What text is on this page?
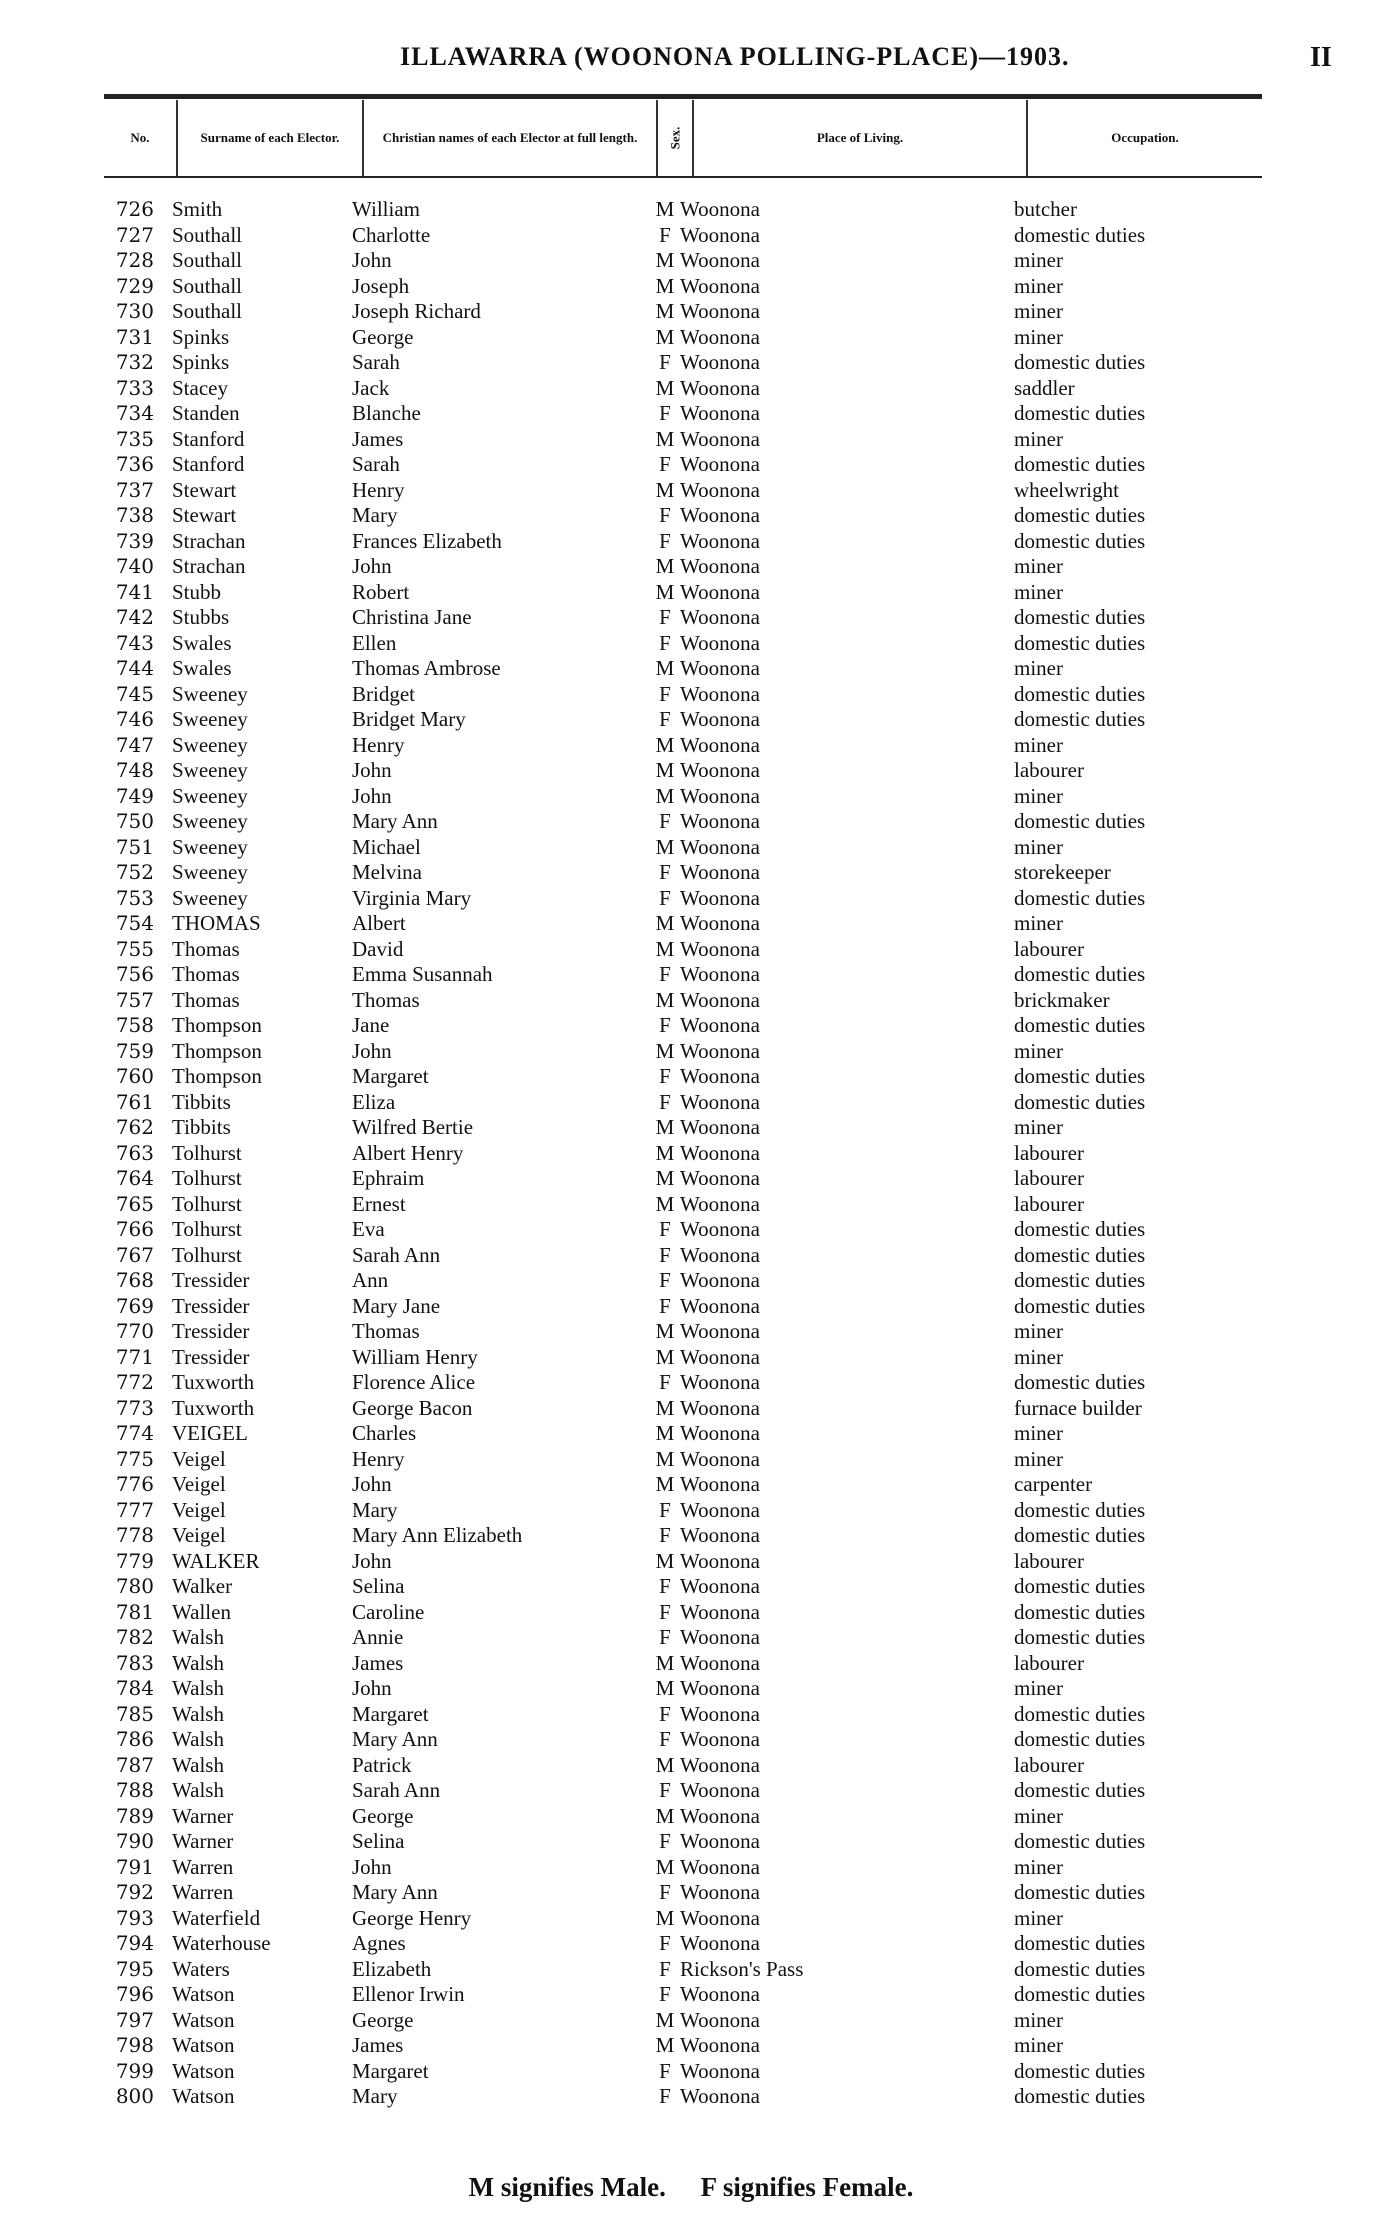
ILLAWARRA (WOONONA POLLING-PLACE)—1903.	II
No.	Surname of each Elector.	Christian names of each Elector at full length.	Sex.	Place of Living.	Occupation.
726 Smith	William	M Woonona	butcher
727 Southall	Charlotte	F Woonona	domestic duties
728 Southall	John	M Woonona	miner
729 Southall	Joseph	M Woonona	miner
730 Southall	Joseph Richard	M Woonona	miner
731 Spinks	George	M Woonona	miner
732 Spinks	Sarah	F Woonona	domestic duties
733 Stacey	Jack	M Woonona	saddler
734 Standen	Blanche	F Woonona	domestic duties
735 Stanford	James	M Woonona	miner
736 Stanford	Sarah	F Woonona	domestic duties
737 Stewart	Henry	M Woonona	wheelwright
738 Stewart	Mary	F Woonona	domestic duties
739 Strachan	Frances Elizabeth	F Woonona	domestic duties
740 Strachan	John	M Woonona	miner
741 Stubb	Robert	M Woonona	miner
742 Stubbs	Christina Jane	F Woonona	domestic duties
743 Swales	Ellen	F Woonona	domestic duties
744 Swales	Thomas Ambrose	M Woonona	miner
745 Sweeney	Bridget	F Woonona	domestic duties
746 Sweeney	Bridget Mary	F Woonona	domestic duties
747 Sweeney	Henry	M Woonona	miner
748 Sweeney	John	M Woonona	labourer
749 Sweeney	John	M Woonona	miner
750 Sweeney	Mary Ann	F Woonona	domestic duties
751 Sweeney	Michael	M Woonona	miner
752 Sweeney	Melvina	F Woonona	storekeeper
753 Sweeney	Virginia Mary	F Woonona	domestic duties
754 THOMAS	Albert	M Woonona	miner
755 Thomas	David	M Woonona	labourer
756 Thomas	Emma Susannah	F Woonona	domestic duties
757 Thomas	Thomas	M Woonona	brickmaker
758 Thompson	Jane	F Woonona	domestic duties
759 Thompson	John	M Woonona	miner
760 Thompson	Margaret	F Woonona	domestic duties
761 Tibbits	Eliza	F Woonona	domestic duties
762 Tibbits	Wilfred Bertie	M Woonona	miner
763 Tolhurst	Albert Henry	M Woonona	labourer
764 Tolhurst	Ephraim	M Woonona	labourer
765 Tolhurst	Ernest	M Woonona	labourer
766 Tolhurst	Eva	F Woonona	domestic duties
767 Tolhurst	Sarah Ann	F Woonona	domestic duties
768 Tressider	Ann	F Woonona	domestic duties
769 Tressider	Mary Jane	F Woonona	domestic duties
770 Tressider	Thomas	M Woonona	miner
771 Tressider	William Henry	M Woonona	miner
772 Tuxworth	Florence Alice	F Woonona	domestic duties
773 Tuxworth	George Bacon	M Woonona	furnace builder
774 VEIGEL	Charles	M Woonona	miner
775 Veigel	Henry	M Woonona	miner
776 Veigel	John	M Woonona	carpenter
777 Veigel	Mary	F Woonona	domestic duties
778 Veigel	Mary Ann Elizabeth	F Woonona	domestic duties
779 WALKER	John	M Woonona	labourer
780 Walker	Selina	F Woonona	domestic duties
781 Wallen	Caroline	F Woonona	domestic duties
782 Walsh	Annie	F Woonona	domestic duties
783 Walsh	James	M Woonona	labourer
784 Walsh	John	M Woonona	miner
785 Walsh	Margaret	F Woonona	domestic duties
786 Walsh	Mary Ann	F Woonona	domestic duties
787 Walsh	Patrick	M Woonona	labourer
788 Walsh	Sarah Ann	F Woonona	domestic duties
789 Warner	George	M Woonona	miner
790 Warner	Selina	F Woonona	domestic duties
791 Warren	John	M Woonona	miner
792 Warren	Mary Ann	F Woonona	domestic duties
793 Waterfield	George Henry	M Woonona	miner
794 Waterhouse	Agnes	F Woonona	domestic duties
795 Waters	Elizabeth	F Rickson's Pass	domestic duties
796 Watson	Ellenor Irwin	F Woonona	domestic duties
797 Watson	George	M Woonona	miner
798 Watson	James	M Woonona	miner
799 Watson	Margaret	F Woonona	domestic duties
800 Watson	Mary	F Woonona	domestic duties
M signifies Male. F signifies Female.
